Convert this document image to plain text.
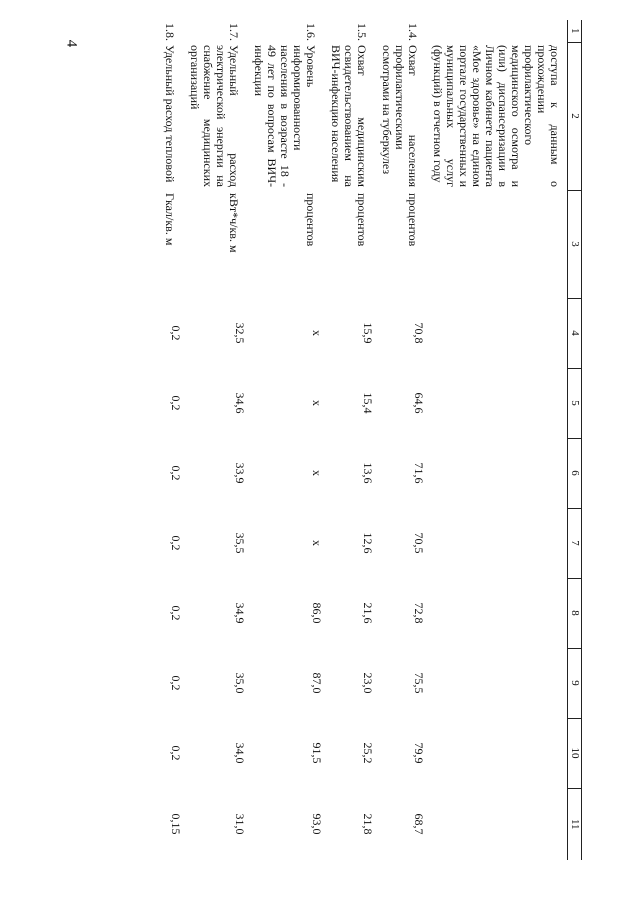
4
1	2	3	4	5	6	7	8	9	10	11
	доступа к данным о прохождении профилактического медицинского осмотра и (или) диспансеризации в Личном кабинете пациента «Мое здоровье» на едином портале государственных и муниципальных услуг (функций) в отчетном году									
1.4.	Охват населения профилактическими осмотрами на туберкулез	процентов	70,8	64,6	71,6	70,5	72,8	75,5	79,9	68,7
1.5.	Охват медицинским освидетельствованием на ВИЧ-инфекцию населения	процентов	15,9	15,4	13,6	12,6	21,6	23,0	25,2	21,8
1.6.	Уровень информированности населения в возрасте 18 - 49 лет по вопросам ВИЧ-инфекции	процентов	х	х	х	х	86,0	87,0	91,5	93,0
1.7.	Удельный расход электрической энергии на снабжение медицинских организаций	кВт*ч/кв. м	32,5	34,6	33,9	35,5	34,9	35,0	34,0	31,0
1.8.	Удельный расход тепловой	Гкал/кв. м	0,2	0,2	0,2	0,2	0,2	0,2	0,2	0,15
